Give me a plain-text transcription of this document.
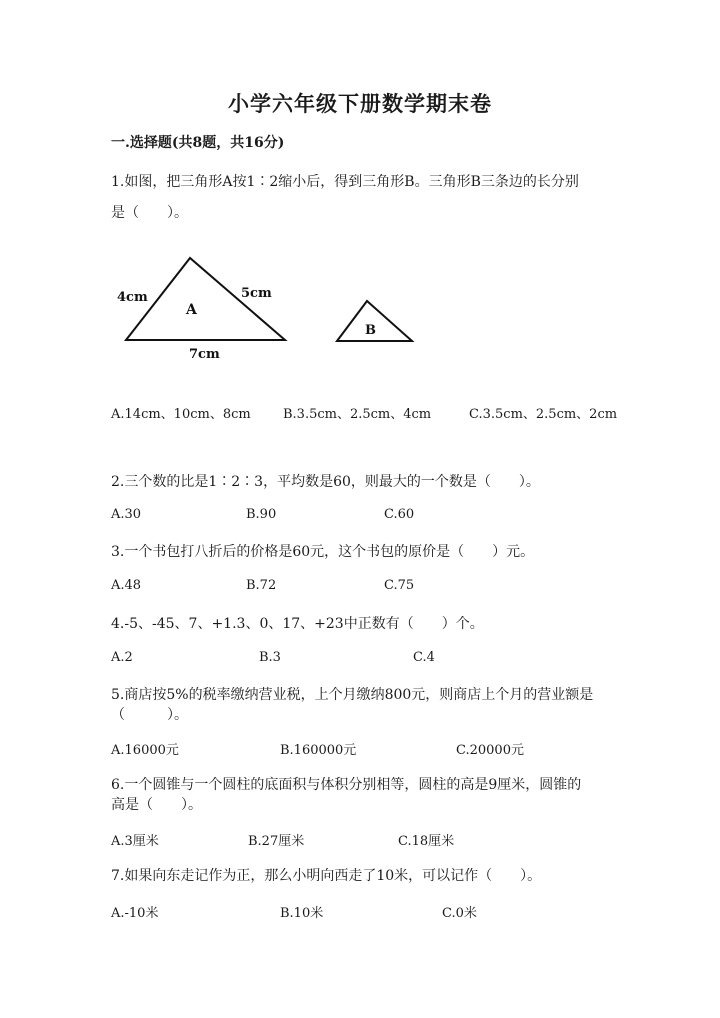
小学六年级下册数学期末卷
一.选择题(共8题，共16分)
1.如图，把三角形A按1∶2缩小后，得到三角形B。三角形B三条边的长分别
是（　　）。
4cm	5cm
7cm
A
B
A.14cm、10cm、8cm B.3.5cm、2.5cm、4cm	C.3.5cm、2.5cm、2cm
2.三个数的比是1∶2∶3，平均数是60，则最大的一个数是（　　）。
A.30	B.90	C.60
3.一个书包打八折后的价格是60元，这个书包的原价是（　　）元。
A.48	B.72	C.75
4.-5、-45、7、+1.3、0、17、+23中正数有（　　）个。
A.2	B.3	C.4
5.商店按5%的税率缴纳营业税，上个月缴纳800元，则商店上个月的营业额是
（　　　）。
A.16000元	B.160000元	C.20000元
6.一个圆锥与一个圆柱的底面积与体积分别相等，圆柱的高是9厘米，圆锥的
高是（　　）。
A.3厘米	B.27厘米	C.18厘米
7.如果向东走记作为正，那么小明向西走了10米，可以记作（　　）。
A.-10米	B.10米	C.0米
